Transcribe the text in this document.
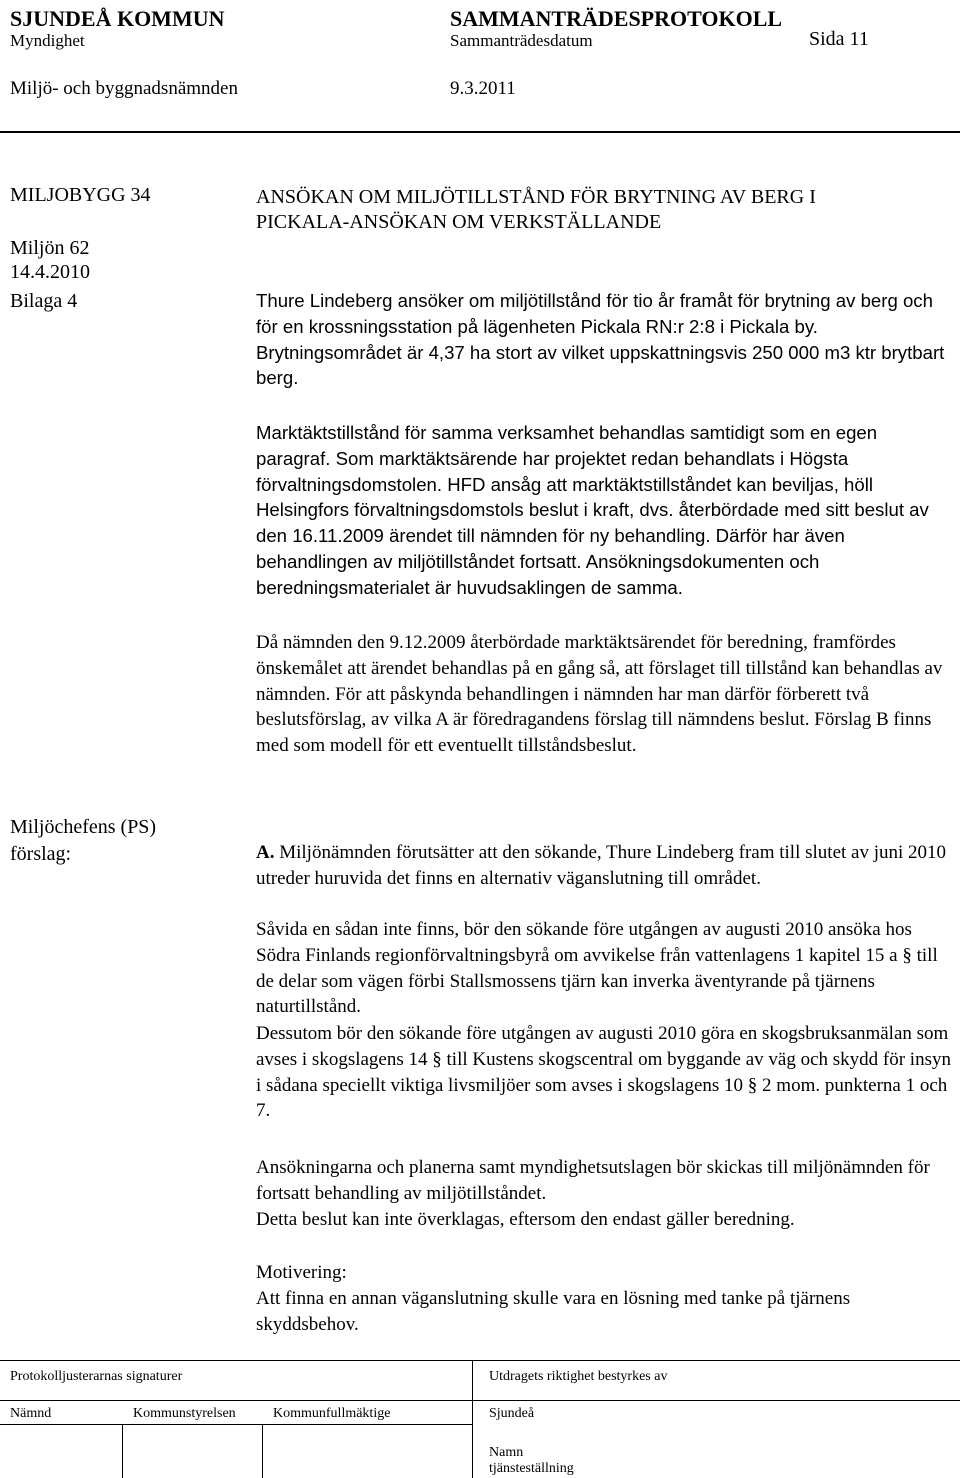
SJUNDEÅ KOMMUN	SAMMANTRÄDESPROTOKOLL
Myndighet	Sammanträdesdatum	Sida 11
Miljö- och byggnadsnämnden	9.3.2011
MILJOBYGG 34
Miljön 62
14.4.2010
Bilaga 4
Miljöchefens (PS)
förslag:
ANSÖKAN OM MILJÖTILLSTÅND FÖR BRYTNING AV BERG I
PICKALA-ANSÖKAN OM VERKSTÄLLANDE
Thure Lindeberg ansöker om miljötillstånd för tio år framåt för brytning av berg och för en krossningsstation på lägenheten Pickala RN:r 2:8 i Pickala by. Brytningsområdet är 4,37 ha stort av vilket uppskattningsvis 250 000 m3 ktr brytbart berg.
Marktäktstillstånd för samma verksamhet behandlas samtidigt som en egen paragraf. Som marktäktsärende har projektet redan behandlats i Högsta förvaltningsdomstolen. HFD ansåg att marktäktstillståndet kan beviljas, höll Helsingfors förvaltningsdomstols beslut i kraft, dvs. återbördade med sitt beslut av den 16.11.2009 ärendet till nämnden för ny behandling. Därför har även behandlingen av miljötillståndet fortsatt. Ansökningsdokumenten och beredningsmaterialet är huvudsaklingen de samma.
Då nämnden den 9.12.2009 återbördade marktäktsärendet för beredning, framfördes önskemålet att ärendet behandlas på en gång så, att förslaget till tillstånd kan behandlas av nämnden. För att påskynda behandlingen i nämnden har man därför förberett två beslutsförslag, av vilka A är föredragandens förslag till nämndens beslut. Förslag B finns med som modell för ett eventuellt tillståndsbeslut.
A. Miljönämnden förutsätter att den sökande, Thure Lindeberg fram till slutet av juni 2010 utreder huruvida det finns en alternativ väganslutning till området.
Såvida en sådan inte finns, bör den sökande före utgången av augusti 2010 ansöka hos Södra Finlands regionförvaltningsbyrå om avvikelse från vattenlagens 1 kapitel 15 a § till de delar som vägen förbi Stallsmossens tjärn kan inverka äventyrande på tjärnens naturtillstånd.
Dessutom bör den sökande före utgången av augusti 2010 göra en skogsbruksanmälan som avses i skogslagens 14 § till Kustens skogscentral om byggande av väg och skydd för insyn i sådana speciellt viktiga livsmiljöer som avses i skogslagens 10 § 2 mom. punkterna 1 och 7.
Ansökningarna och planerna samt myndighetsutslagen bör skickas till miljönämnden för fortsatt behandling av miljötillståndet.
Detta beslut kan inte överklagas, eftersom den endast gäller beredning.
Motivering:
Att finna en annan väganslutning skulle vara en lösning med tanke på tjärnens skyddsbehov.
Protokolljusterarnas signaturer	Utdragets riktighet bestyrkes av
Nämnd	Kommunstyrelsen	Kommunfullmäktige	Sjundeå
Namn
tjänsteställning
